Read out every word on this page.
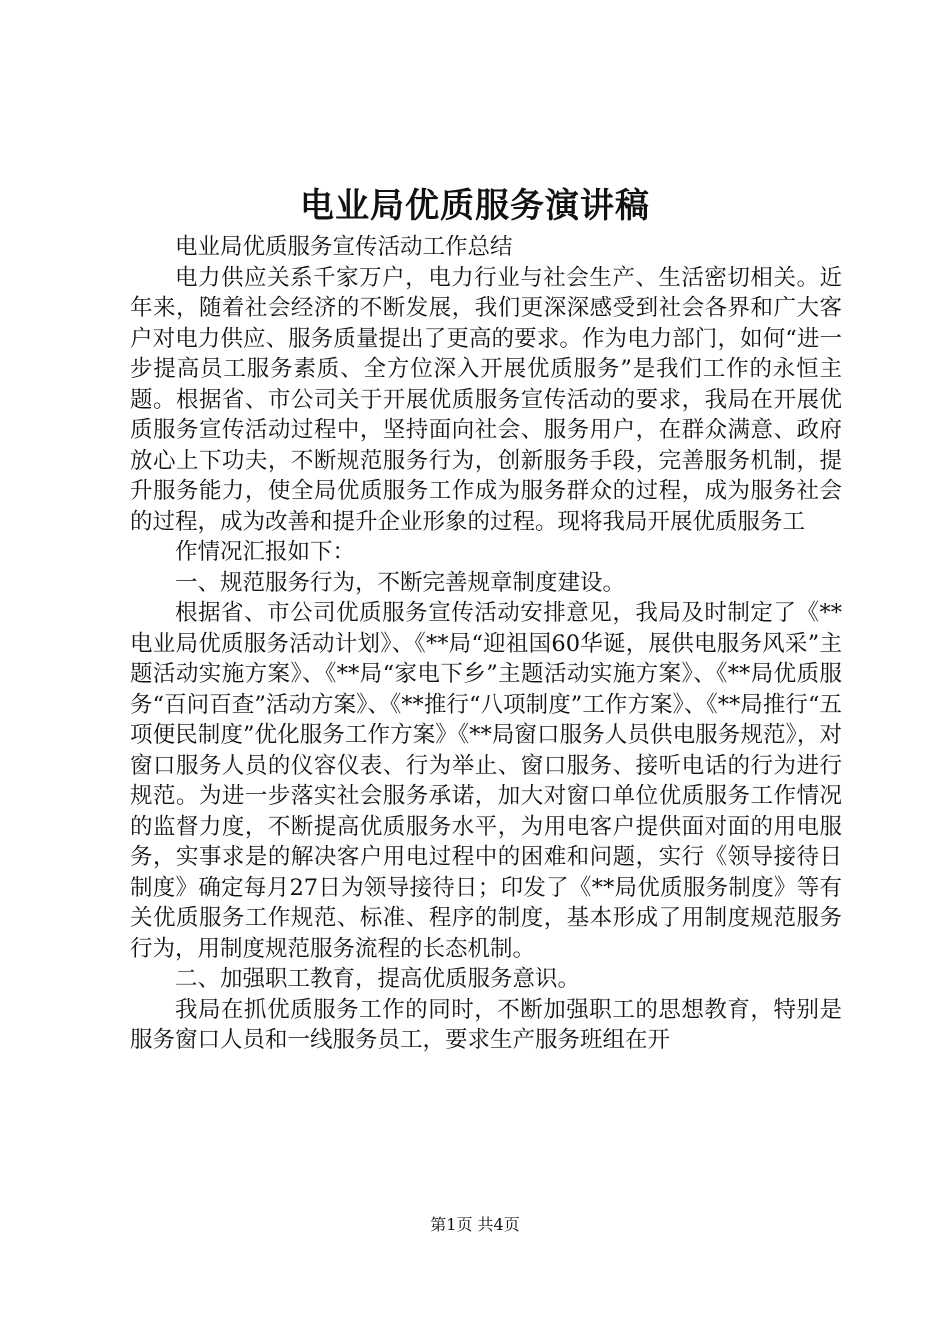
电业局优质服务演讲稿

电业局优质服务宣传活动工作总结

电力供应关系千家万户，电力行业与社会生产、生活密切相关。近年来，随着社会经济的不断发展，我们更深深感受到社会各界和广大客户对电力供应、服务质量提出了更高的要求。作为电力部门，如何“进一步提高员工服务素质、全方位深入开展优质服务”是我们工作的永恒主题。根据省、市公司关于开展优质服务宣传活动的要求，我局在开展优质服务宣传活动过程中，坚持面向社会、服务用户，在群众满意、政府放心上下功夫，不断规范服务行为，创新服务手段，完善服务机制，提升服务能力，使全局优质服务工作成为服务群众的过程，成为服务社会的过程，成为改善和提升企业形象的过程。现将我局开展优质服务工

作情况汇报如下：

一、规范服务行为，不断完善规章制度建设。

根据省、市公司优质服务宣传活动安排意见，我局及时制定了《**电业局优质服务活动计划》、《**局“迎祖国60华诞，展供电服务风采”主题活动实施方案》、《**局“家电下乡”主题活动实施方案》、《**局优质服务“百问百查”活动方案》、《**推行“八项制度”工作方案》、《**局推行“五项便民制度”优化服务工作方案》《**局窗口服务人员供电服务规范》，对窗口服务人员的仪容仪表、行为举止、窗口服务、接听电话的行为进行规范。为进一步落实社会服务承诺，加大对窗口单位优质服务工作情况的监督力度，不断提高优质服务水平，为用电客户提供面对面的用电服务，实事求是的解决客户用电过程中的困难和问题，实行《领导接待日制度》确定每月27日为领导接待日；印发了《**局优质服务制度》等有关优质服务工作规范、标准、程序的制度，基本形成了用制度规范服务行为，用制度规范服务流程的长态机制。

二、加强职工教育，提高优质服务意识。

我局在抓优质服务工作的同时，不断加强职工的思想教育，特别是服务窗口人员和一线服务员工，要求生产服务班组在开

第1页 共4页
